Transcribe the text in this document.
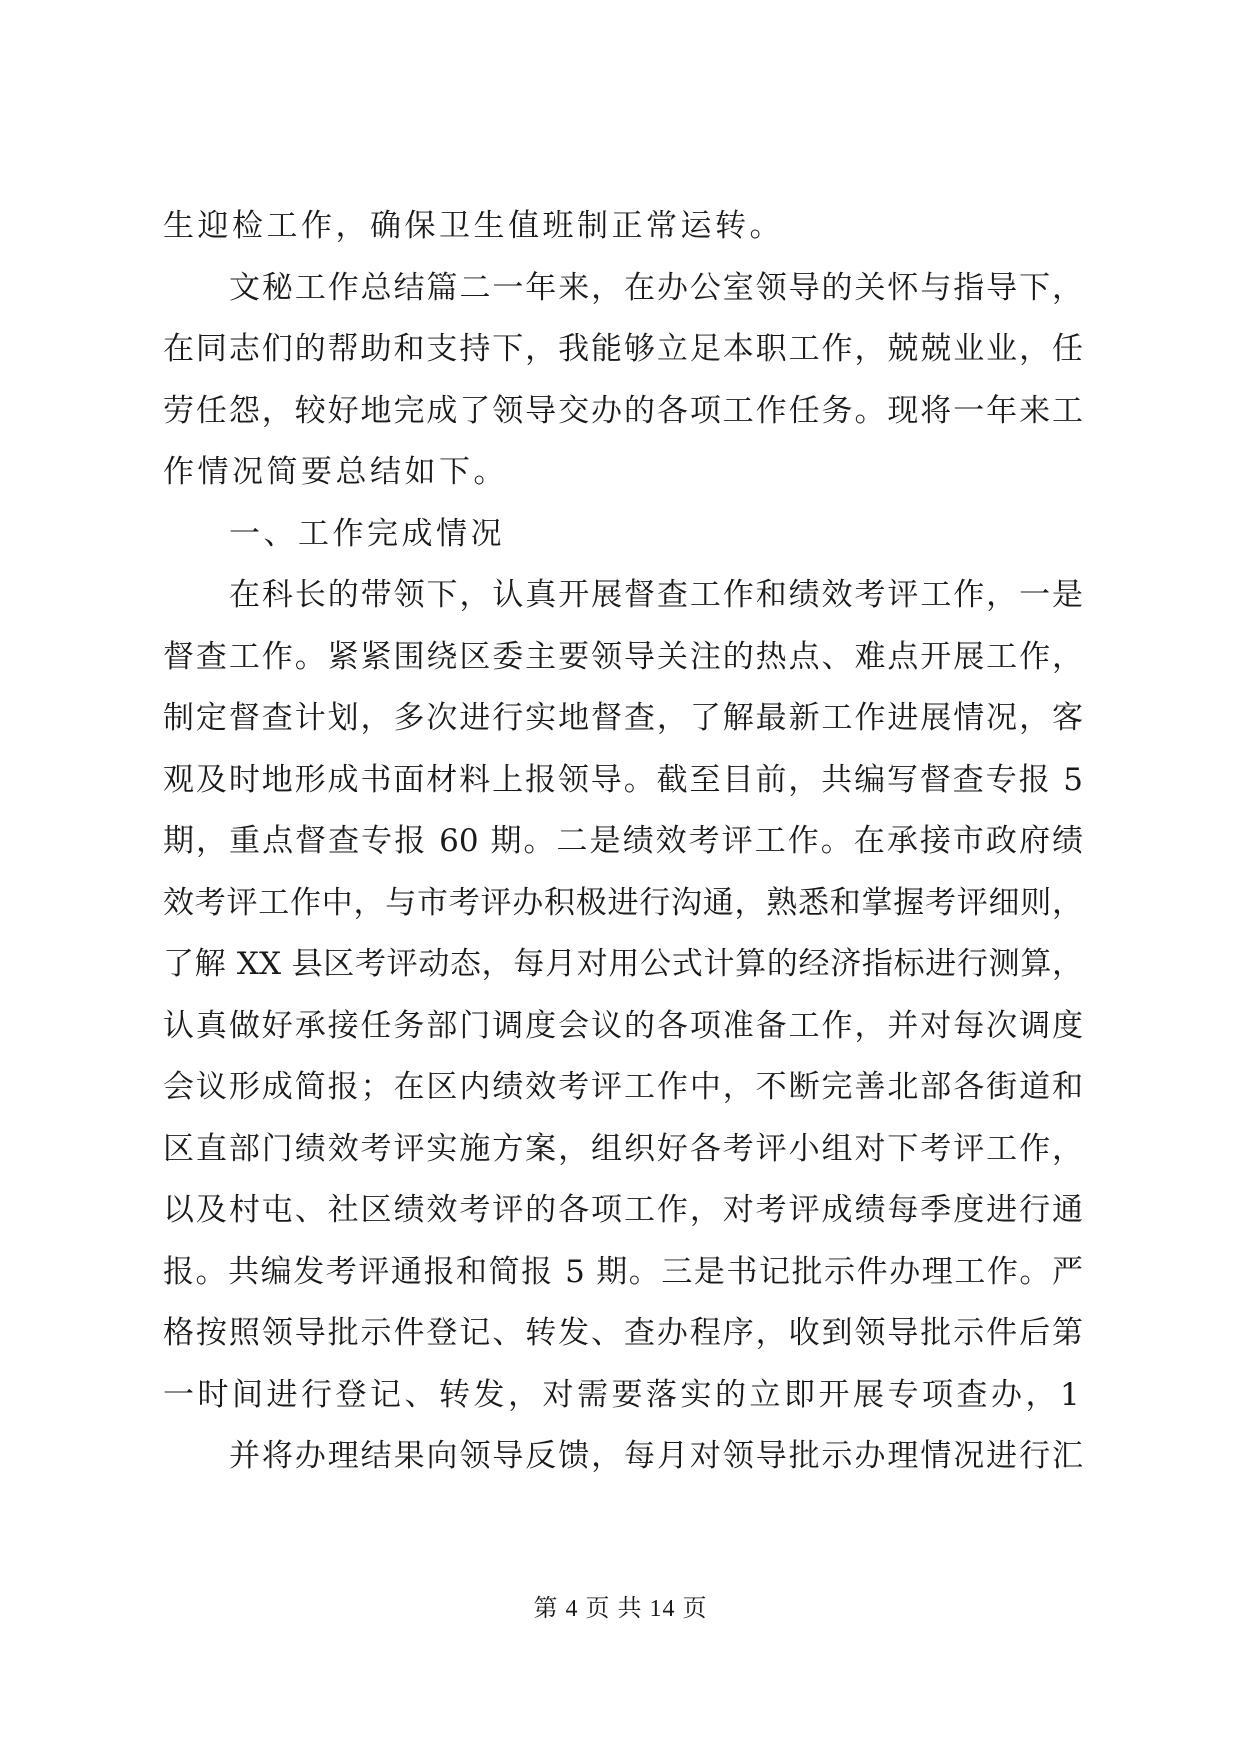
生迎检工作，确保卫生值班制正常运转。
文秘工作总结篇二一年来，在办公室领导的关怀与指导下，
在同志们的帮助和支持下，我能够立足本职工作，兢兢业业，任
劳任怨，较好地完成了领导交办的各项工作任务。现将一年来工
作情况简要总结如下。
一、工作完成情况
在科长的带领下，认真开展督查工作和绩效考评工作，一是
督查工作。紧紧围绕区委主要领导关注的热点、难点开展工作，
制定督查计划，多次进行实地督查，了解最新工作进展情况，客
观及时地形成书面材料上报领导。截至目前，共编写督查专报 5
期，重点督查专报 60 期。二是绩效考评工作。在承接市政府绩
效考评工作中，与市考评办积极进行沟通，熟悉和掌握考评细则，
了解 XX 县区考评动态，每月对用公式计算的经济指标进行测算，
认真做好承接任务部门调度会议的各项准备工作，并对每次调度
会议形成简报；在区内绩效考评工作中，不断完善北部各街道和
区直部门绩效考评实施方案，组织好各考评小组对下考评工作，
以及村屯、社区绩效考评的各项工作，对考评成绩每季度进行通
报。共编发考评通报和简报 5 期。三是书记批示件办理工作。严
格按照领导批示件登记、转发、查办程序，收到领导批示件后第
一时间进行登记、转发，对需要落实的立即开展专项查办，1
并将办理结果向领导反馈，每月对领导批示办理情况进行汇
第 4 页 共 14 页
